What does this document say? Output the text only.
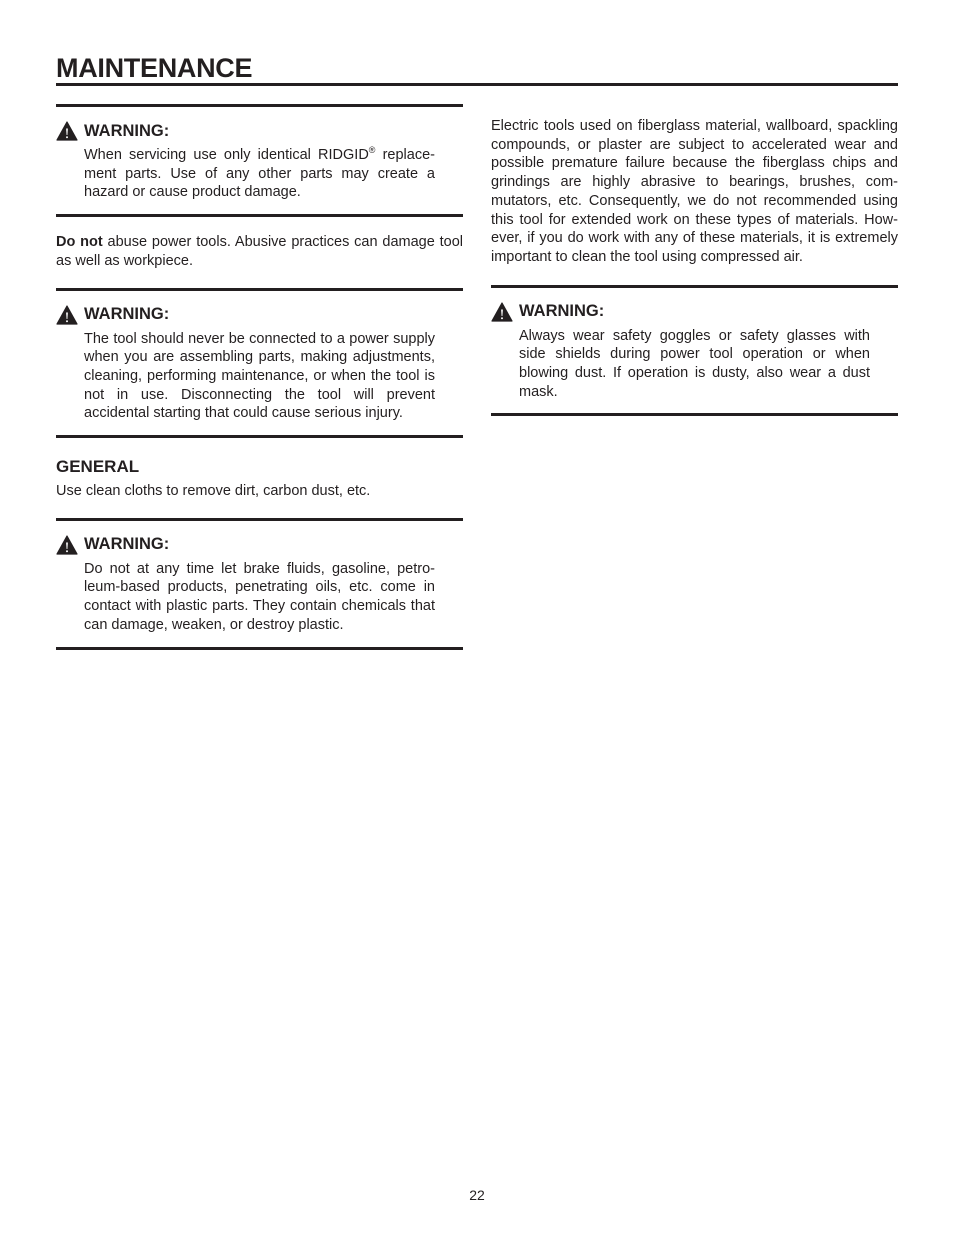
MAINTENANCE
WARNING:

When servicing use only identical RIDGID® replacement parts. Use of any other parts may create a hazard or cause product damage.

Do not abuse power tools. Abusive practices can damage tool as well as workpiece.

WARNING:

The tool should never be connected to a power supply when you are assembling parts, making adjustments, cleaning, performing maintenance, or when the tool is not in use. Disconnecting the tool will prevent accidental starting that could cause serious injury.

GENERAL

Use clean cloths to remove dirt, carbon dust, etc.

WARNING:

Do not at any time let brake fluids, gasoline, petroleum-based products, penetrating oils, etc. come in contact with plastic parts. They contain chemicals that can damage, weaken, or destroy plastic.

Electric tools used on fiberglass material, wallboard, spackling compounds, or plaster are subject to accelerated wear and possible premature failure because the fiberglass chips and grindings are highly abrasive to bearings, brushes, commutators, etc. Consequently, we do not recommended using this tool for extended work on these types of materials. However, if you do work with any of these materials, it is extremely important to clean the tool using compressed air.

WARNING:

Always wear safety goggles or safety glasses with side shields during power tool operation or when blowing dust. If operation is dusty, also wear a dust mask.

22
